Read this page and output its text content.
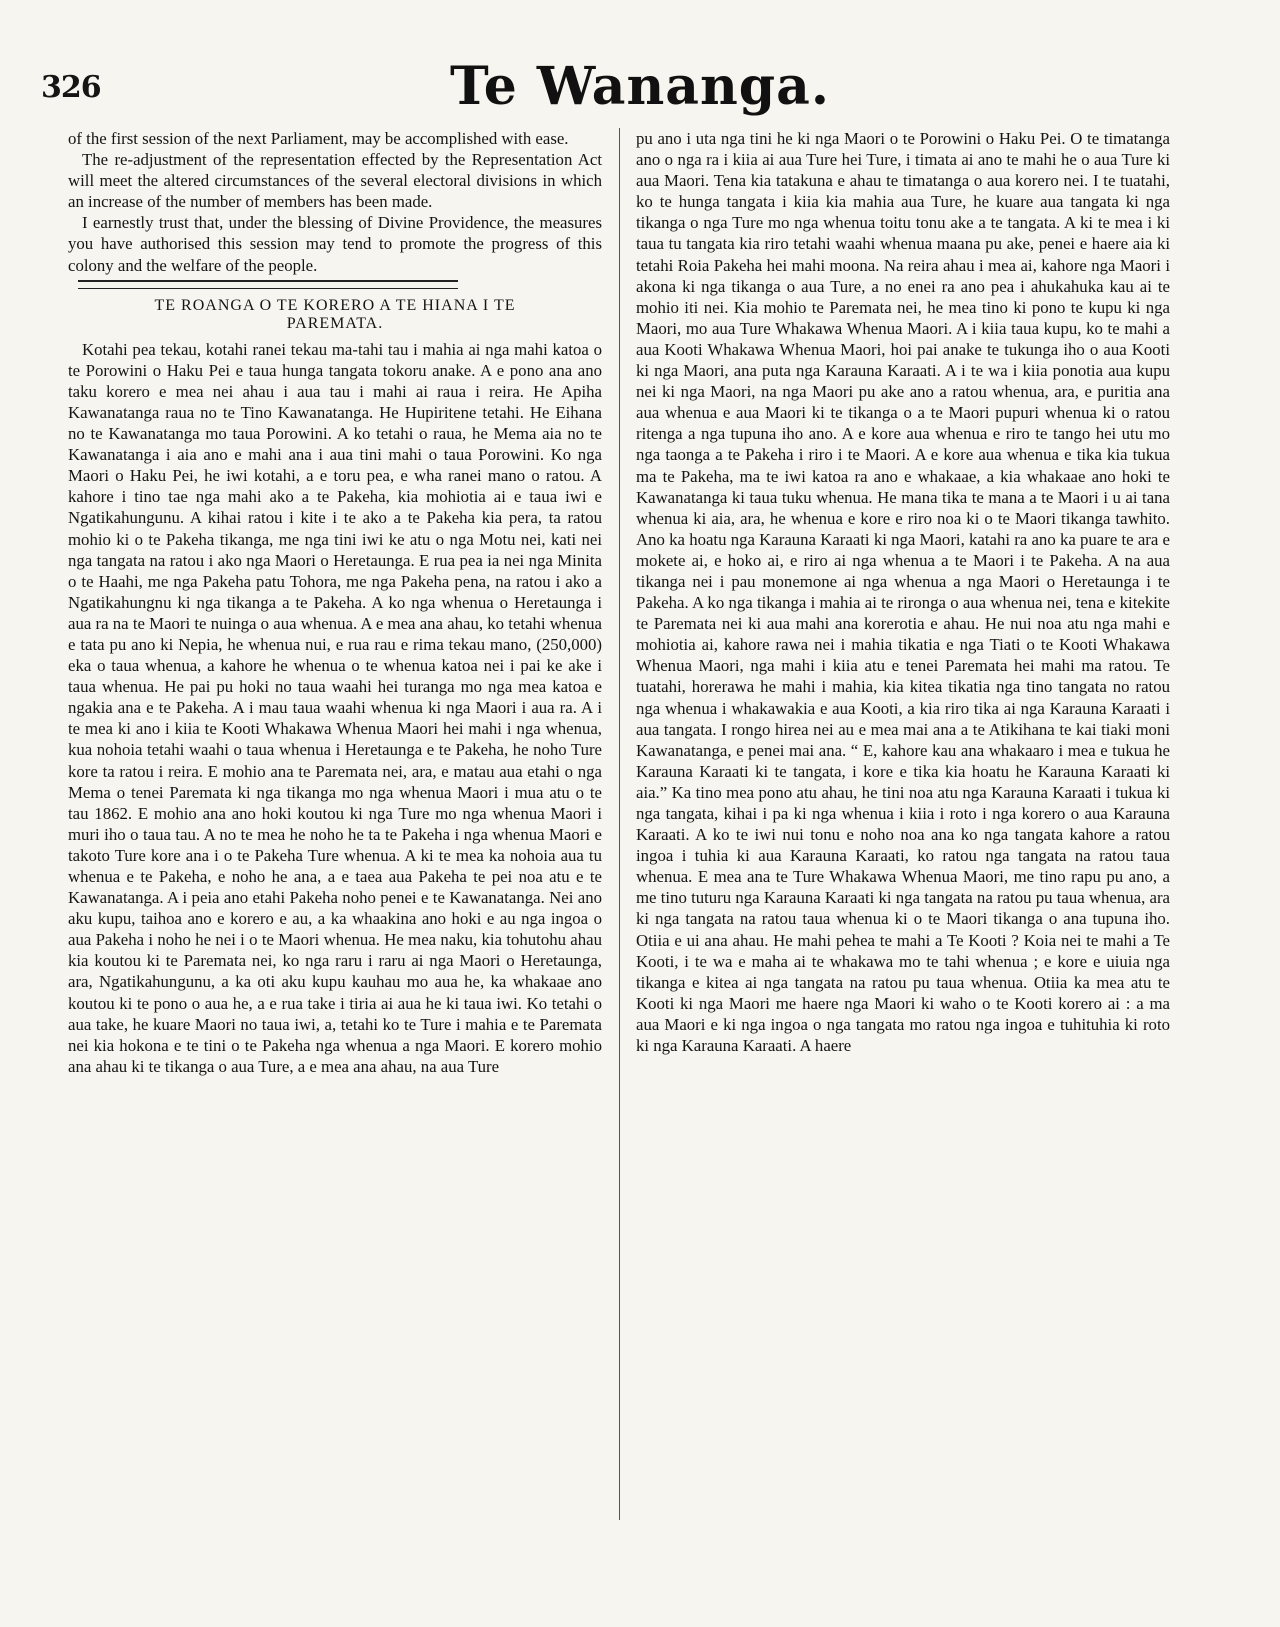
326	Te Wananga.

of the first session of the next Parliament, may be accomplished with ease.

The re-adjustment of the representation effected by the Representation Act will meet the altered circumstances of the several electoral divisions in which an increase of the number of members has been made.

I earnestly trust that, under the blessing of Divine Providence, the measures you have authorised this session may tend to promote the progress of this colony and the welfare of the people.

TE ROANGA O TE KORERO A TE HIANA I TE
PAREMATA.

Kotahi pea tekau, kotahi ranei tekau ma-tahi tau i mahia ai nga mahi katoa o te Porowini o Haku Pei e taua hunga tangata tokoru anake. A e pono ana ano taku korero e mea nei ahau i aua tau i mahi ai raua i reira. He Apiha Kawanatanga raua no te Tino Kawanatanga. He Hupiritene tetahi. He Eihana no te Kawanatanga mo taua Porowini. A ko tetahi o raua, he Mema aia no te Kawanatanga i aia ano e mahi ana i aua tini mahi o taua Porowini. Ko nga Maori o Haku Pei, he iwi kotahi, a e toru pea, e wha ranei mano o ratou. A kahore i tino tae nga mahi ako a te Pakeha, kia mohiotia ai e taua iwi e Ngatikahungunu. A kihai ratou i kite i te ako a te Pakeha kia pera, ta ratou mohio ki o te Pakeha tikanga, me nga tini iwi ke atu o nga Motu nei, kati nei nga tangata na ratou i ako nga Maori o Heretaunga. E rua pea ia nei nga Minita o te Haahi, me nga Pakeha patu Tohora, me nga Pakeha pena, na ratou i ako a Ngatikahungnu ki nga tikanga a te Pakeha. A ko nga whenua o Heretaunga i aua ra na te Maori te nuinga o aua whenua. A e mea ana ahau, ko tetahi whenua e tata pu ano ki Nepia, he whenua nui, e rua rau e rima tekau mano, (250,000) eka o taua whenua, a kahore he whenua o te whenua katoa nei i pai ke ake i taua whenua. He pai pu hoki no taua waahi hei turanga mo nga mea katoa e ngakia ana e te Pakeha. A i mau taua waahi whenua ki nga Maori i aua ra. A i te mea ki ano i kiia te Kooti Whakawa Whenua Maori hei mahi i nga whenua, kua nohoia tetahi waahi o taua whenua i Heretaunga e te Pakeha, he noho Ture kore ta ratou i reira. E mohio ana te Paremata nei, ara, e matau aua etahi o nga Mema o tenei Paremata ki nga tikanga mo nga whenua Maori i mua atu o te tau 1862. E mohio ana ano hoki koutou ki nga Ture mo nga whenua Maori i muri iho o taua tau. A no te mea he noho he ta te Pakeha i nga whenua Maori e takoto Ture kore ana i o te Pakeha Ture whenua. A ki te mea ka nohoia aua tu whenua e te Pakeha, e noho he ana, a e taea aua Pakeha te pei noa atu e te Kawanatanga. A i peia ano etahi Pakeha noho penei e te Kawanatanga. Nei ano aku kupu, taihoa ano e korero e au, a ka whaakina ano hoki e au nga ingoa o aua Pakeha i noho he nei i o te Maori whenua. He mea naku, kia tohutohu ahau kia koutou ki te Paremata nei, ko nga raru i raru ai nga Maori o Heretaunga, ara, Ngatikahungunu, a ka oti aku kupu kauhau mo aua he, ka whakaae ano koutou ki te pono o aua he, a e rua take i tiria ai aua he ki taua iwi. Ko tetahi o aua take, he kuare Maori no taua iwi, a, tetahi ko te Ture i mahia e te Paremata nei kia hokona e te tini o te Pakeha nga whenua a nga Maori. E korero mohio ana ahau ki te tikanga o aua Ture, a e mea ana ahau, na aua Ture

pu ano i uta nga tini he ki nga Maori o te Porowini o Haku Pei. O te timatanga ano o nga ra i kiia ai aua Ture hei Ture, i timata ai ano te mahi he o aua Ture ki aua Maori. Tena kia tatakuna e ahau te timatanga o aua korero nei. I te tuatahi, ko te hunga tangata i kiia kia mahia aua Ture, he kuare aua tangata ki nga tikanga o nga Ture mo nga whenua toitu tonu ake a te tangata. A ki te mea i ki taua tu tangata kia riro tetahi waahi whenua maana pu ake, penei e haere aia ki tetahi Roia Pakeha hei mahi moona. Na reira ahau i mea ai, kahore nga Maori i akona ki nga tikanga o aua Ture, a no enei ra ano pea i ahukahuka kau ai te mohio iti nei. Kia mohio te Paremata nei, he mea tino ki pono te kupu ki nga Maori, mo aua Ture Whakawa Whenua Maori. A i kiia taua kupu, ko te mahi a aua Kooti Whakawa Whenua Maori, hoi pai anake te tukunga iho o aua Kooti ki nga Maori, ana puta nga Karauna Karaati. A i te wa i kiia ponotia aua kupu nei ki nga Maori, na nga Maori pu ake ano a ratou whenua, ara, e puritia ana aua whenua e aua Maori ki te tikanga o a te Maori pupuri whenua ki o ratou ritenga a nga tupuna iho ano. A e kore aua whenua e riro te tango hei utu mo nga taonga a te Pakeha i riro i te Maori. A e kore aua whenua e tika kia tukua ma te Pakeha, ma te iwi katoa ra ano e whakaae, a kia whakaae ano hoki te Kawanatanga ki taua tuku whenua. He mana tika te mana a te Maori i u ai tana whenua ki aia, ara, he whenua e kore e riro noa ki o te Maori tikanga tawhito. Ano ka hoatu nga Karauna Karaati ki nga Maori, katahi ra ano ka puare te ara e mokete ai, e hoko ai, e riro ai nga whenua a te Maori i te Pakeha. A na aua tikanga nei i pau monemone ai nga whenua a nga Maori o Heretaunga i te Pakeha. A ko nga tikanga i mahia ai te rironga o aua whenua nei, tena e kitekite te Paremata nei ki aua mahi ana korerotia e ahau. He nui noa atu nga mahi e mohiotia ai, kahore rawa nei i mahia tikatia e nga Tiati o te Kooti Whakawa Whenua Maori, nga mahi i kiia atu e tenei Paremata hei mahi ma ratou. Te tuatahi, horerawa he mahi i mahia, kia kitea tikatia nga tino tangata no ratou nga whenua i whakawakia e aua Kooti, a kia riro tika ai nga Karauna Karaati i aua tangata. I rongo hirea nei au e mea mai ana a te Atikihana te kai tiaki moni Kawanatanga, e penei mai ana. “ E, kahore kau ana whakaaro i mea e tukua he Karauna Karaati ki te tangata, i kore e tika kia hoatu he Karauna Karaati ki aia.” Ka tino mea pono atu ahau, he tini noa atu nga Karauna Karaati i tukua ki nga tangata, kihai i pa ki nga whenua i kiia i roto i nga korero o aua Karauna Karaati. A ko te iwi nui tonu e noho noa ana ko nga tangata kahore a ratou ingoa i tuhia ki aua Karauna Karaati, ko ratou nga tangata na ratou taua whenua. E mea ana te Ture Whakawa Whenua Maori, me tino rapu pu ano, a me tino tuturu nga Karauna Karaati ki nga tangata na ratou pu taua whenua, ara ki nga tangata na ratou taua whenua ki o te Maori tikanga o ana tupuna iho. Otiia e ui ana ahau. He mahi pehea te mahi a Te Kooti ? Koia nei te mahi a Te Kooti, i te wa e maha ai te whakawa mo te tahi whenua ; e kore e uiuia nga tikanga e kitea ai nga tangata na ratou pu taua whenua. Otiia ka mea atu te Kooti ki nga Maori me haere nga Maori ki waho o te Kooti korero ai : a ma aua Maori e ki nga ingoa o nga tangata mo ratou nga ingoa e tuhituhia ki roto ki nga Karauna Karaati. A haere
